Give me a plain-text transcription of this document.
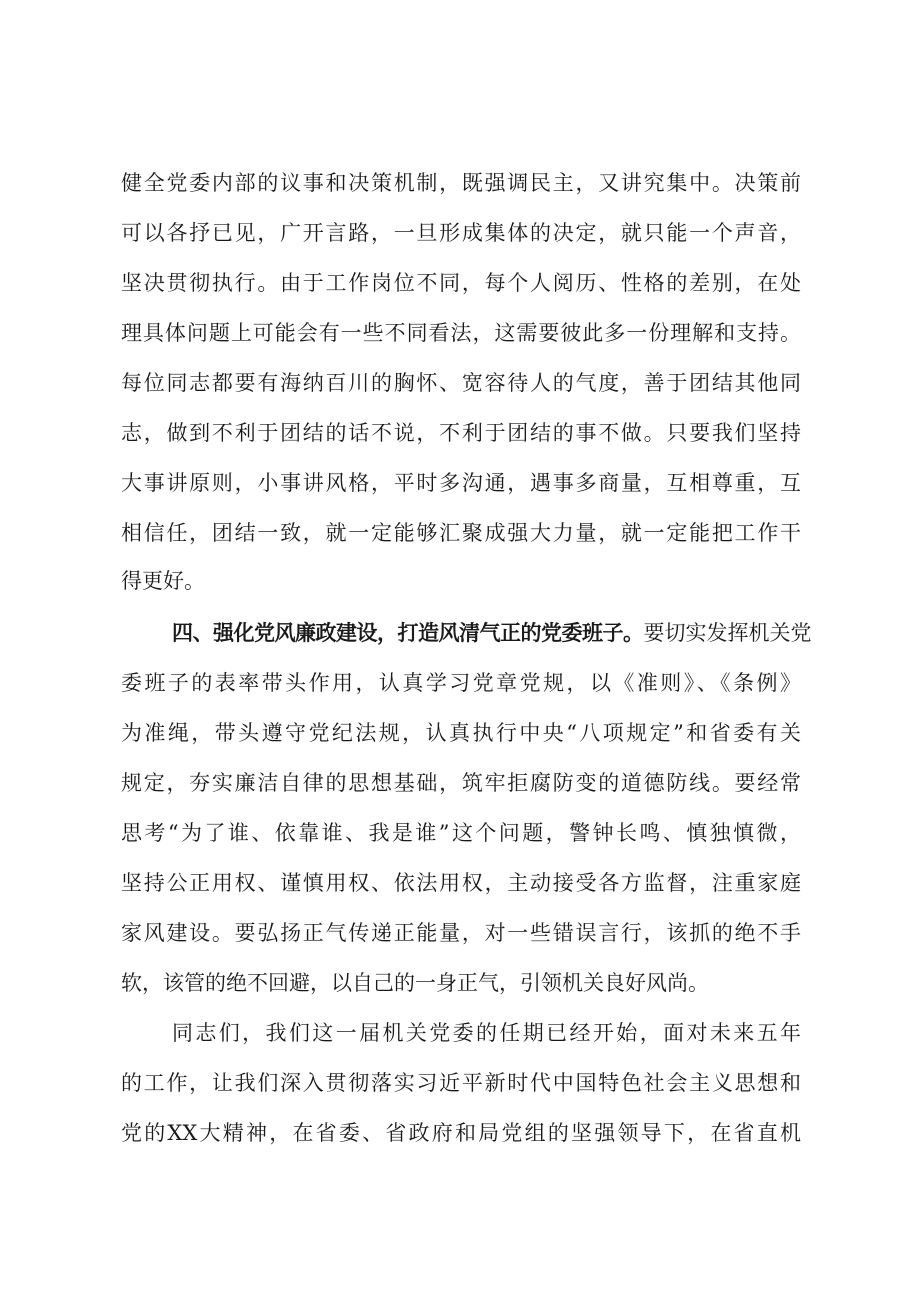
健全党委内部的议事和决策机制，既强调民主，又讲究集中。决策前
可以各抒已见，广开言路，一旦形成集体的决定，就只能一个声音，
坚决贯彻执行。由于工作岗位不同，每个人阅历、性格的差别，在处
理具体问题上可能会有一些不同看法，这需要彼此多一份理解和支持。
每位同志都要有海纳百川的胸怀、宽容待人的气度，善于团结其他同
志，做到不利于团结的话不说，不利于团结的事不做。只要我们坚持
大事讲原则，小事讲风格，平时多沟通，遇事多商量，互相尊重，互
相信任，团结一致，就一定能够汇聚成强大力量，就一定能把工作干
得更好。
四、强化党风廉政建设，打造风清气正的党委班子。要切实发挥机关党
委班子的表率带头作用，认真学习党章党规，以《准则》、《条例》
为准绳，带头遵守党纪法规，认真执行中央“八项规定”和省委有关
规定，夯实廉洁自律的思想基础，筑牢拒腐防变的道德防线。要经常
思考“为了谁、依靠谁、我是谁”这个问题，警钟长鸣、慎独慎微，
坚持公正用权、谨慎用权、依法用权，主动接受各方监督，注重家庭
家风建设。要弘扬正气传递正能量，对一些错误言行，该抓的绝不手
软，该管的绝不回避，以自己的一身正气，引领机关良好风尚。
同志们，我们这一届机关党委的任期已经开始，面对未来五年
的工作，让我们深入贯彻落实习近平新时代中国特色社会主义思想和
党的XX大精神，在省委、省政府和局党组的坚强领导下，在省直机
